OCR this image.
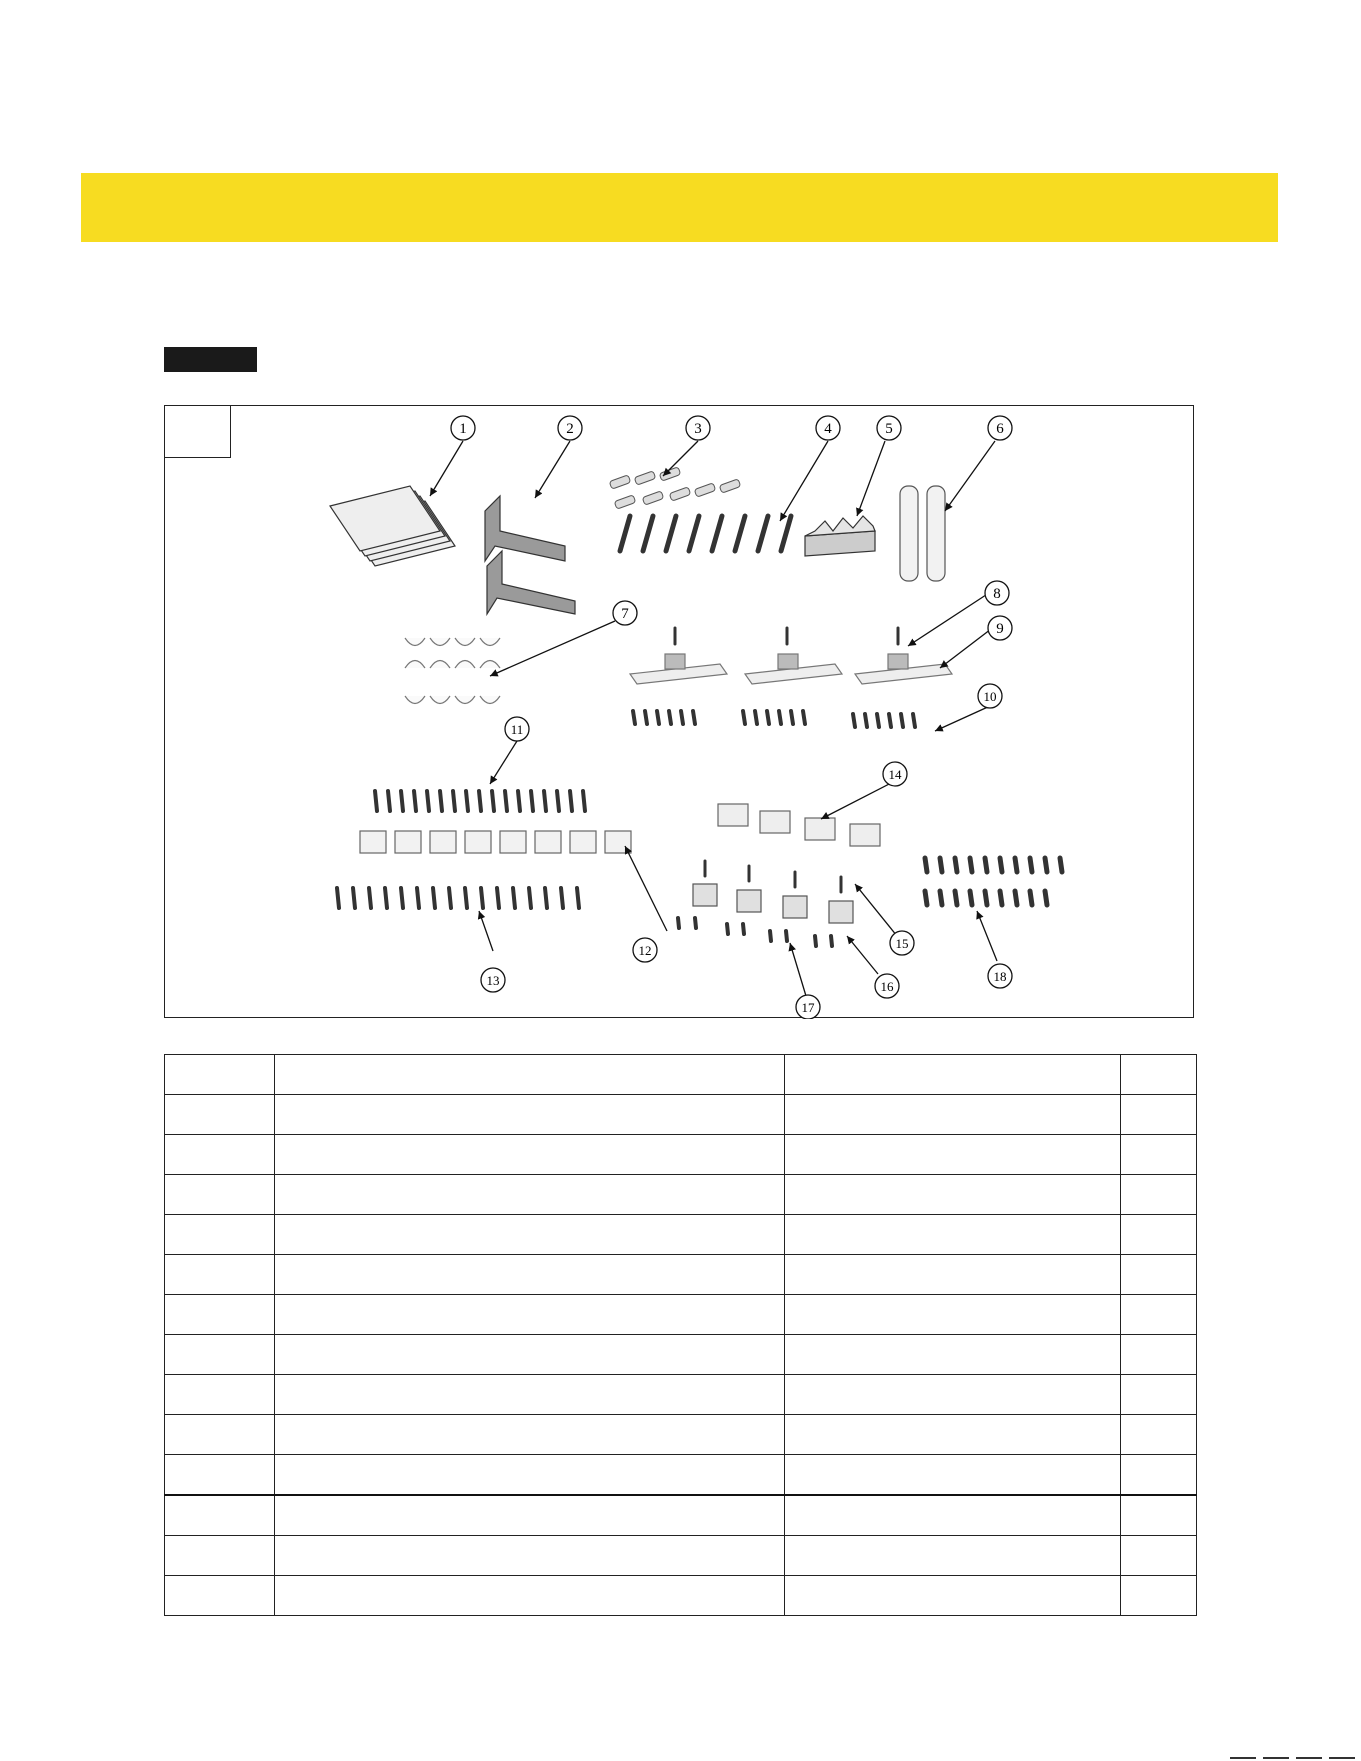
1	2	3	4	5	6
7
8
9
10
11
12
13
14
15
16
17
18
